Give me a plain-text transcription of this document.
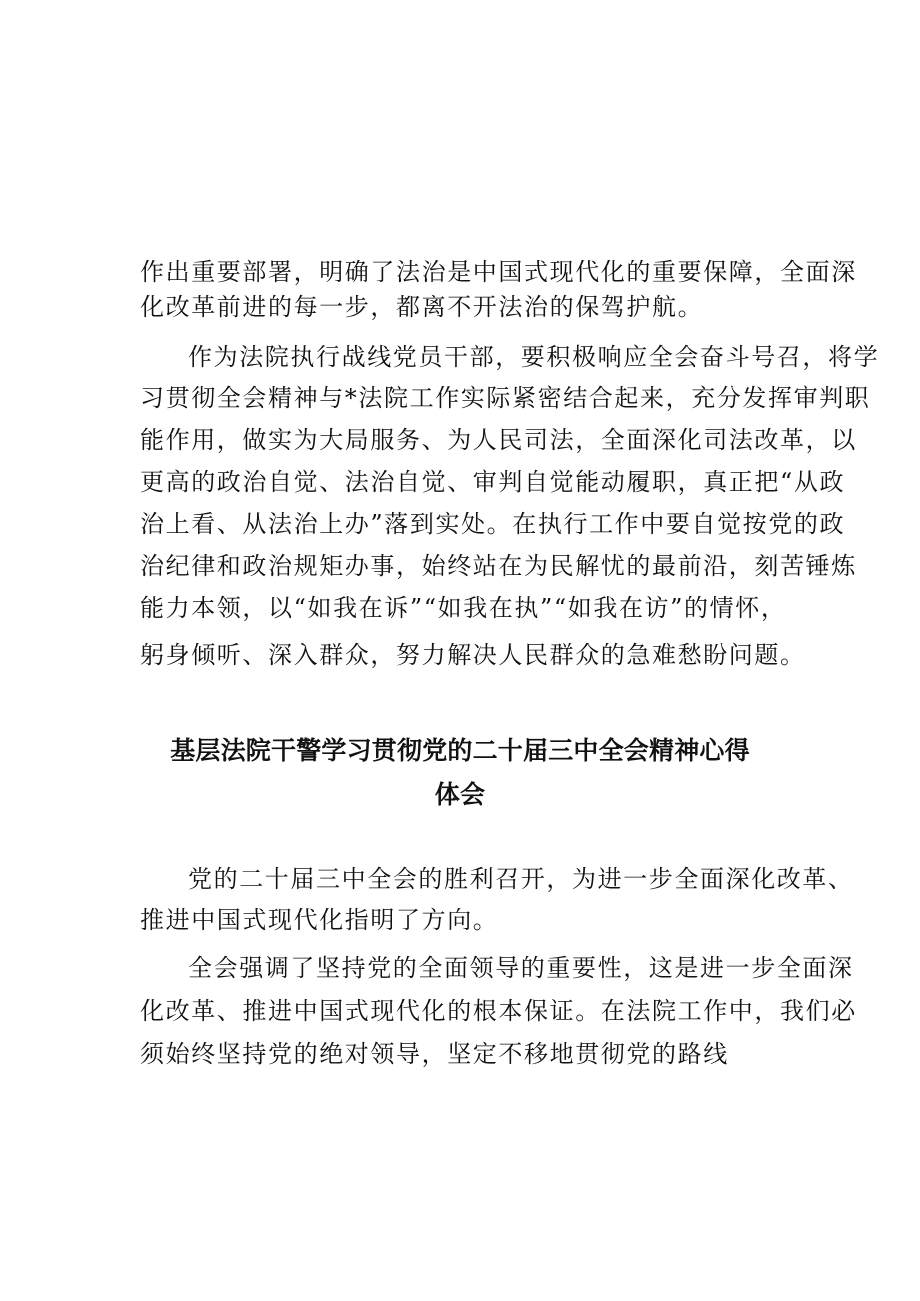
作出重要部署，明确了法治是中国式现代化的重要保障，全面深
化改革前进的每一步，都离不开法治的保驾护航。
作为法院执行战线党员干部，要积极响应全会奋斗号召，将学
习贯彻全会精神与*法院工作实际紧密结合起来，充分发挥审判职
能作用，做实为大局服务、为人民司法，全面深化司法改革，以
更高的政治自觉、法治自觉、审判自觉能动履职，真正把“从政
治上看、从法治上办”落到实处。在执行工作中要自觉按党的政
治纪律和政治规矩办事，始终站在为民解忧的最前沿，刻苦锤炼
能力本领，以“如我在诉”“如我在执”“如我在访”的情怀，
躬身倾听、深入群众，努力解决人民群众的急难愁盼问题。
基层法院干警学习贯彻党的二十届三中全会精神心得
体会
党的二十届三中全会的胜利召开，为进一步全面深化改革、
推进中国式现代化指明了方向。
全会强调了坚持党的全面领导的重要性，这是进一步全面深
化改革、推进中国式现代化的根本保证。在法院工作中，我们必
须始终坚持党的绝对领导，坚定不移地贯彻党的路线
